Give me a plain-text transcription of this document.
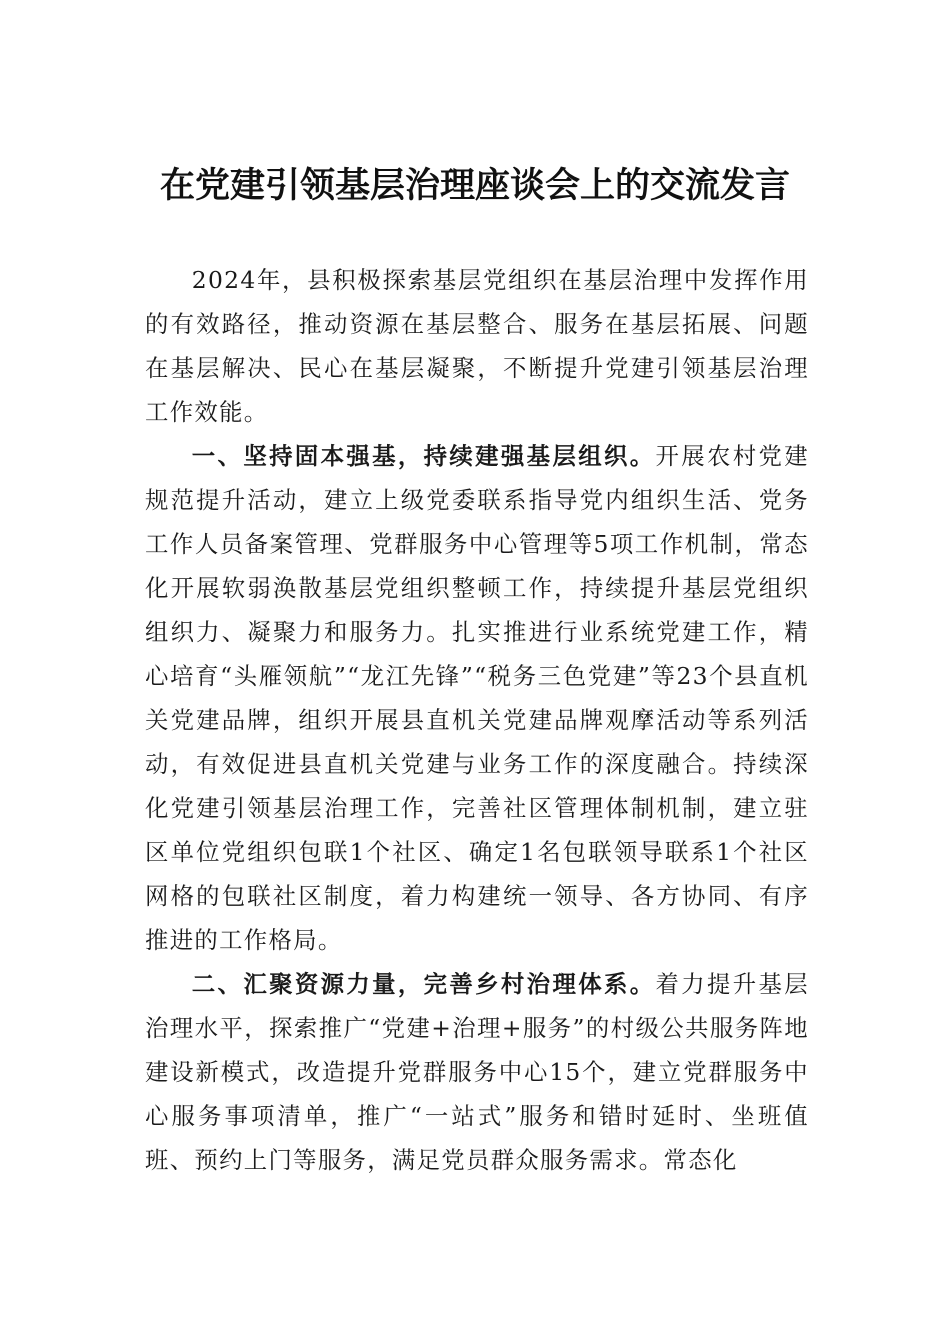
在党建引领基层治理座谈会上的交流发言

2024年，县积极探索基层党组织在基层治理中发挥作用的有效路径，推动资源在基层整合、服务在基层拓展、问题在基层解决、民心在基层凝聚，不断提升党建引领基层治理工作效能。

一、坚持固本强基，持续建强基层组织。开展农村党建规范提升活动，建立上级党委联系指导党内组织生活、党务工作人员备案管理、党群服务中心管理等5项工作机制，常态化开展软弱涣散基层党组织整顿工作，持续提升基层党组织组织力、凝聚力和服务力。扎实推进行业系统党建工作，精心培育“头雁领航”“龙江先锋”“税务三色党建”等23个县直机关党建品牌，组织开展县直机关党建品牌观摩活动等系列活动，有效促进县直机关党建与业务工作的深度融合。持续深化党建引领基层治理工作，完善社区管理体制机制，建立驻区单位党组织包联1个社区、确定1名包联领导联系1个社区网格的包联社区制度，着力构建统一领导、各方协同、有序推进的工作格局。

二、汇聚资源力量，完善乡村治理体系。着力提升基层治理水平，探索推广“党建+治理+服务”的村级公共服务阵地建设新模式，改造提升党群服务中心15个，建立党群服务中心服务事项清单，推广“一站式”服务和错时延时、坐班值班、预约上门等服务，满足党员群众服务需求。常态化
